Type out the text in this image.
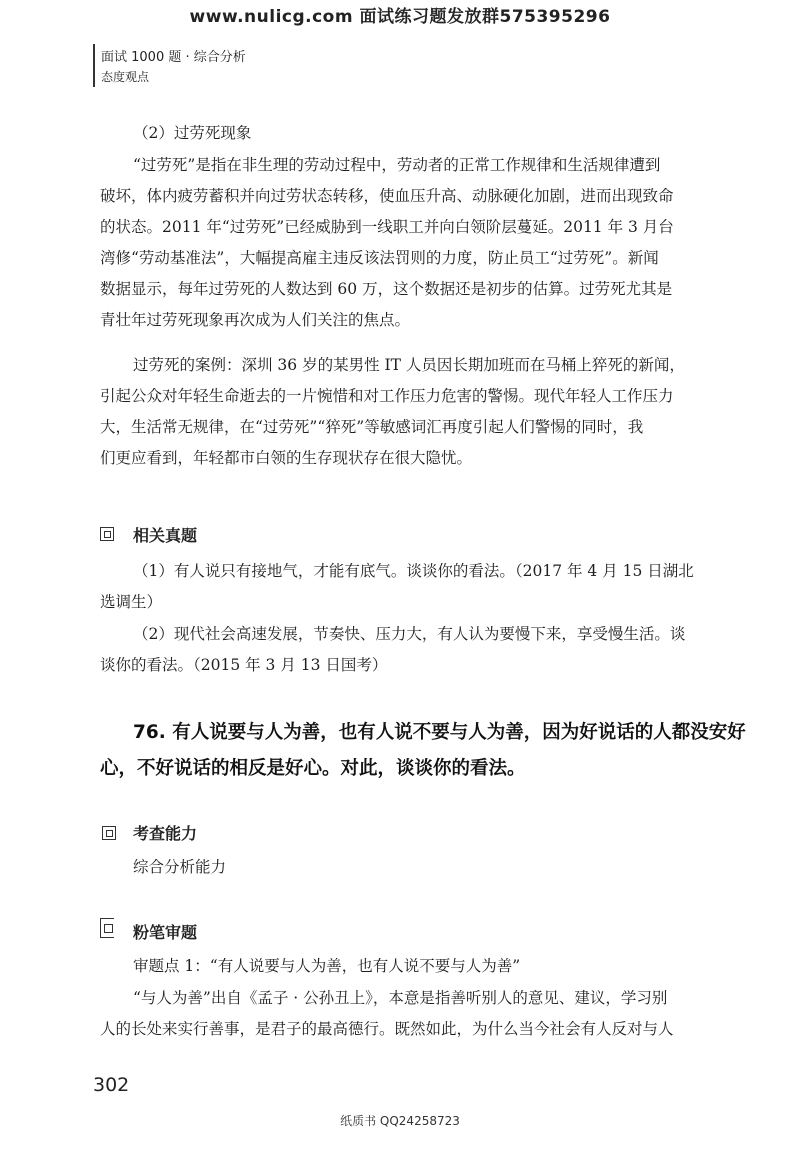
www.nulicg.com 面试练习题发放群575395296
面试 1000 题 · 综合分析
态度观点
（2）过劳死现象
“过劳死”是指在非生理的劳动过程中，劳动者的正常工作规律和生活规律遭到
破坏，体内疲劳蓄积并向过劳状态转移，使血压升高、动脉硬化加剧，进而出现致命
的状态。2011 年“过劳死”已经威胁到一线职工并向白领阶层蔓延。2011 年 3 月台
湾修“劳动基准法”，大幅提高雇主违反该法罚则的力度，防止员工“过劳死”。新闻
数据显示，每年过劳死的人数达到 60 万，这个数据还是初步的估算。过劳死尤其是
青壮年过劳死现象再次成为人们关注的焦点。
过劳死的案例：深圳 36 岁的某男性 IT 人员因长期加班而在马桶上猝死的新闻，
引起公众对年轻生命逝去的一片惋惜和对工作压力危害的警惕。现代年轻人工作压力
大，生活常无规律，在“过劳死”“猝死”等敏感词汇再度引起人们警惕的同时，我
们更应看到，年轻都市白领的生存现状存在很大隐忧。
相关真题
（1）有人说只有接地气，才能有底气。谈谈你的看法。（2017 年 4 月 15 日湖北
选调生）
（2）现代社会高速发展，节奏快、压力大，有人认为要慢下来，享受慢生活。谈
谈你的看法。（2015 年 3 月 13 日国考）
76. 有人说要与人为善，也有人说不要与人为善，因为好说话的人都没安好
心，不好说话的相反是好心。对此，谈谈你的看法。
考查能力
综合分析能力
粉笔审题
审题点 1：“有人说要与人为善，也有人说不要与人为善”
“与人为善”出自《孟子 · 公孙丑上》，本意是指善听别人的意见、建议，学习别
人的长处来实行善事，是君子的最高德行。既然如此，为什么当今社会有人反对与人
302
纸质书 QQ24258723
